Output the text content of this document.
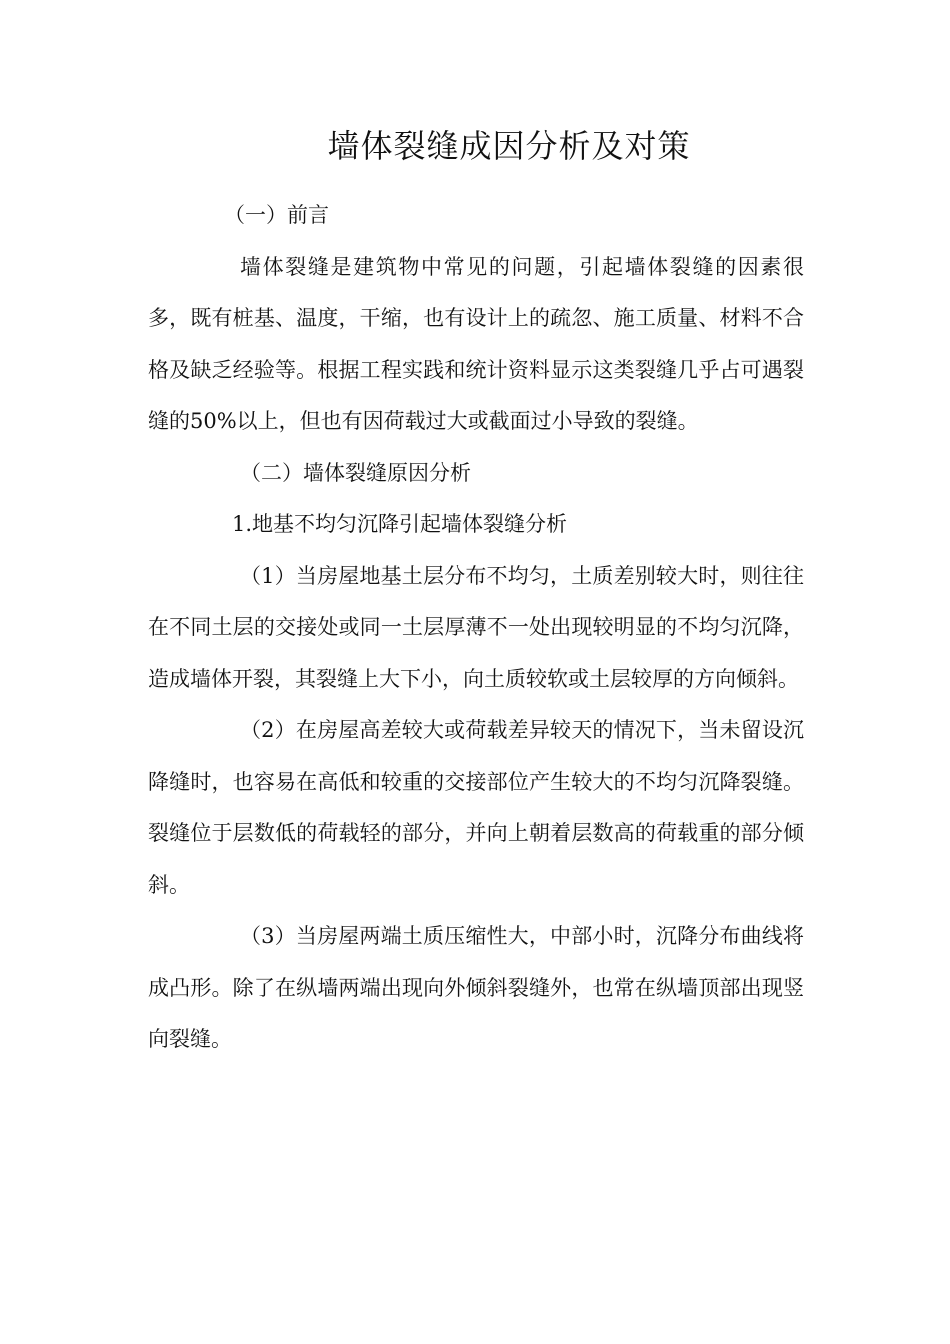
墙体裂缝成因分析及对策

（一）前言

墙体裂缝是建筑物中常见的问题，引起墙体裂缝的因素很多，既有桩基、温度，干缩，也有设计上的疏忽、施工质量、材料不合格及缺乏经验等。根据工程实践和统计资料显示这类裂缝几乎占可遇裂缝的50%以上，但也有因荷载过大或截面过小导致的裂缝。

（二）墙体裂缝原因分析

1.地基不均匀沉降引起墙体裂缝分析

（1）当房屋地基土层分布不均匀，土质差别较大时，则往往在不同土层的交接处或同一土层厚薄不一处出现较明显的不均匀沉降，造成墙体开裂，其裂缝上大下小，向土质较软或土层较厚的方向倾斜。

（2）在房屋高差较大或荷载差异较天的情况下，当未留设沉降缝时，也容易在高低和较重的交接部位产生较大的不均匀沉降裂缝。裂缝位于层数低的荷载轻的部分，并向上朝着层数高的荷载重的部分倾斜。

（3）当房屋两端土质压缩性大，中部小时，沉降分布曲线将成凸形。除了在纵墙两端出现向外倾斜裂缝外，也常在纵墙顶部出现竖向裂缝。
